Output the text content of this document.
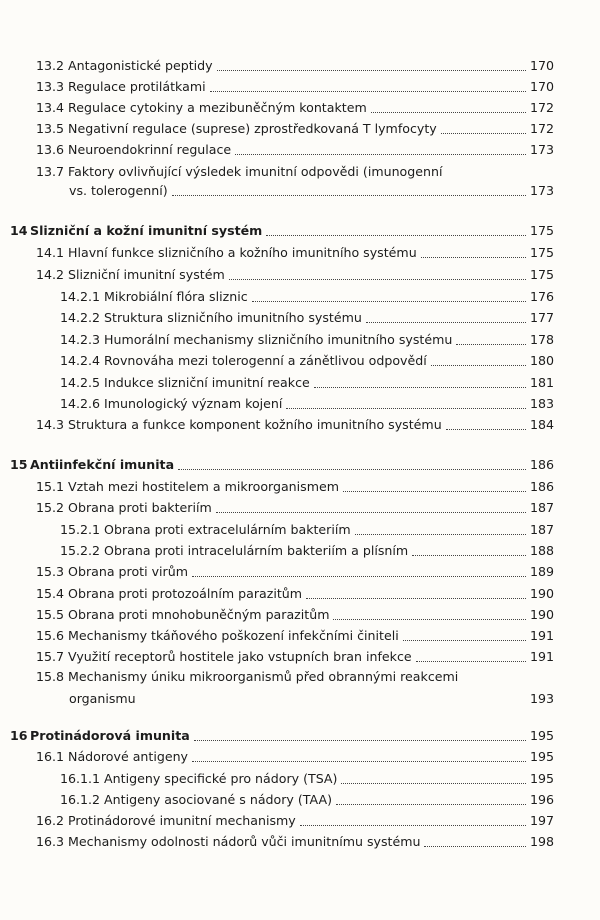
13.2 Antagonistické peptidy	170
13.3 Regulace protilátkami	170
13.4 Regulace cytokiny a mezibuněčným kontaktem	172
13.5 Negativní regulace (suprese) zprostředkovaná T lymfocyty	172
13.6 Neuroendokrinní regulace	173
13.7 Faktory ovlivňující výsledek imunitní odpovědi (imunogenní
vs. tolerogenní)	173
14 Slizniční a kožní imunitní systém	175
14.1 Hlavní funkce slizničního a kožního imunitního systému	175
14.2 Slizniční imunitní systém	175
14.2.1 Mikrobiální flóra sliznic	176
14.2.2 Struktura slizničního imunitního systému	177
14.2.3 Humorální mechanismy slizničního imunitního systému	178
14.2.4 Rovnováha mezi tolerogenní a zánětlivou odpovědí	180
14.2.5 Indukce slizniční imunitní reakce	181
14.2.6 Imunologický význam kojení	183
14.3 Struktura a funkce komponent kožního imunitního systému	184
15 Antiinfekční imunita	186
15.1 Vztah mezi hostitelem a mikroorganismem	186
15.2 Obrana proti bakteriím	187
15.2.1 Obrana proti extracelulárním bakteriím	187
15.2.2 Obrana proti intracelulárním bakteriím a plísním	188
15.3 Obrana proti virům	189
15.4 Obrana proti protozoálním parazitům	190
15.5 Obrana proti mnohobuněčným parazitům	190
15.6 Mechanismy tkáňového poškození infekčními činiteli	191
15.7 Využití receptorů hostitele jako vstupních bran infekce	191
15.8 Mechanismy úniku mikroorganismů před obrannými reakcemi
organismu	193
16 Protinádorová imunita	195
16.1 Nádorové antigeny	195
16.1.1 Antigeny specifické pro nádory (TSA)	195
16.1.2 Antigeny asociované s nádory (TAA)	196
16.2 Protinádorové imunitní mechanismy	197
16.3 Mechanismy odolnosti nádorů vůči imunitnímu systému	198
